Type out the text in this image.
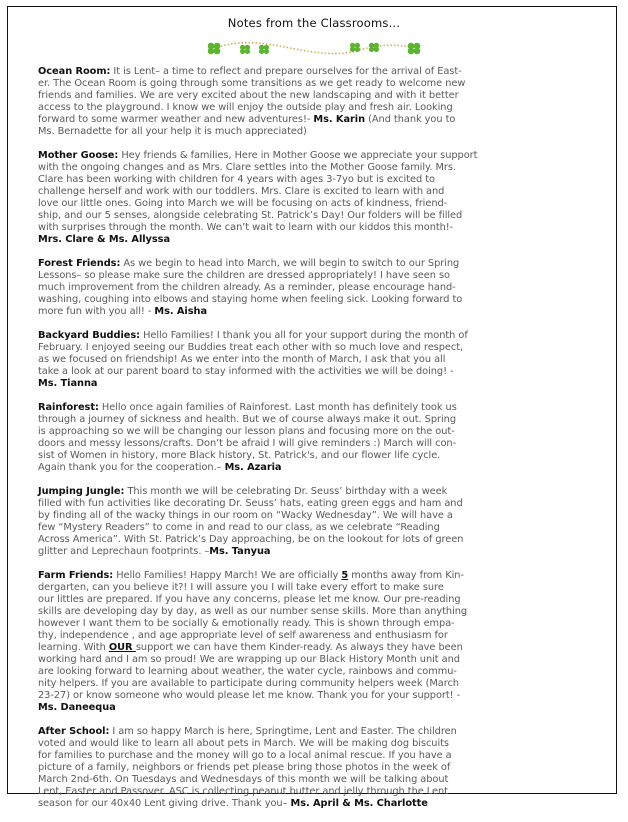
Notes from the Classrooms...
Ocean Room: It is Lent– a time to reflect and prepare ourselves for the arrival of East-
er. The Ocean Room is going through some transitions as we get ready to welcome new
friends and families. We are very excited about the new landscaping and with it better
access to the playground. I know we will enjoy the outside play and fresh air. Looking
forward to some warmer weather and new adventures!- Ms. Karin (And thank you to
Ms. Bernadette for all your help it is much appreciated)
Mother Goose: Hey friends & families, Here in Mother Goose we appreciate your support
with the ongoing changes and as Mrs. Clare settles into the Mother Goose family. Mrs.
Clare has been working with children for 4 years with ages 3-7yo but is excited to
challenge herself and work with our toddlers. Mrs. Clare is excited to learn with and
love our little ones. Going into March we will be focusing on acts of kindness, friend-
ship, and our 5 senses, alongside celebrating St. Patrick’s Day! Our folders will be filled
with surprises through the month. We can’t wait to learn with our kiddos this month!-
Mrs. Clare & Ms. Allyssa
Forest Friends: As we begin to head into March, we will begin to switch to our Spring
Lessons– so please make sure the children are dressed appropriately! I have seen so
much improvement from the children already. As a reminder, please encourage hand-
washing, coughing into elbows and staying home when feeling sick. Looking forward to
more fun with you all! - Ms. Aisha
Backyard Buddies: Hello Families! I thank you all for your support during the month of
February. I enjoyed seeing our Buddies treat each other with so much love and respect,
as we focused on friendship! As we enter into the month of March, I ask that you all
take a look at our parent board to stay informed with the activities we will be doing! -
Ms. Tianna
Rainforest: Hello once again families of Rainforest. Last month has definitely took us
through a journey of sickness and health. But we of course always make it out. Spring
is approaching so we will be changing our lesson plans and focusing more on the out-
doors and messy lessons/crafts. Don’t be afraid I will give reminders :) March will con-
sist of Women in history, more Black history, St. Patrick's, and our flower life cycle.
Again thank you for the cooperation.– Ms. Azaria
Jumping Jungle: This month we will be celebrating Dr. Seuss’ birthday with a week
filled with fun activities like decorating Dr. Seuss’ hats, eating green eggs and ham and
by finding all of the wacky things in our room on “Wacky Wednesday”. We will have a
few “Mystery Readers” to come in and read to our class, as we celebrate “Reading
Across America”. With St. Patrick’s Day approaching, be on the lookout for lots of green
glitter and Leprechaun footprints. –Ms. Tanyua
Farm Friends: Hello Families! Happy March! We are officially 5 months away from Kin-
dergarten, can you believe it?! I will assure you I will take every effort to make sure
our littles are prepared. If you have any concerns, please let me know. Our pre-reading
skills are developing day by day, as well as our number sense skills. More than anything
however I want them to be socially & emotionally ready. This is shown through empa-
thy, independence , and age appropriate level of self awareness and enthusiasm for
learning. With OUR support we can have them Kinder-ready. As always they have been
working hard and I am so proud! We are wrapping up our Black History Month unit and
are looking forward to learning about weather, the water cycle, rainbows and commu-
nity helpers. If you are available to participate during community helpers week (March
23-27) or know someone who would please let me know. Thank you for your support! -
Ms. Daneequa
After School: I am so happy March is here, Springtime, Lent and Easter. The children
voted and would like to learn all about pets in March. We will be making dog biscuits
for families to purchase and the money will go to a local animal rescue. If you have a
picture of a family, neighbors or friends pet please bring those photos in the week of
March 2nd-6th. On Tuesdays and Wednesdays of this month we will be talking about
Lent, Easter and Passover. ASC is collecting peanut butter and jelly through the Lent
season for our 40x40 Lent giving drive. Thank you– Ms. April & Ms. Charlotte
